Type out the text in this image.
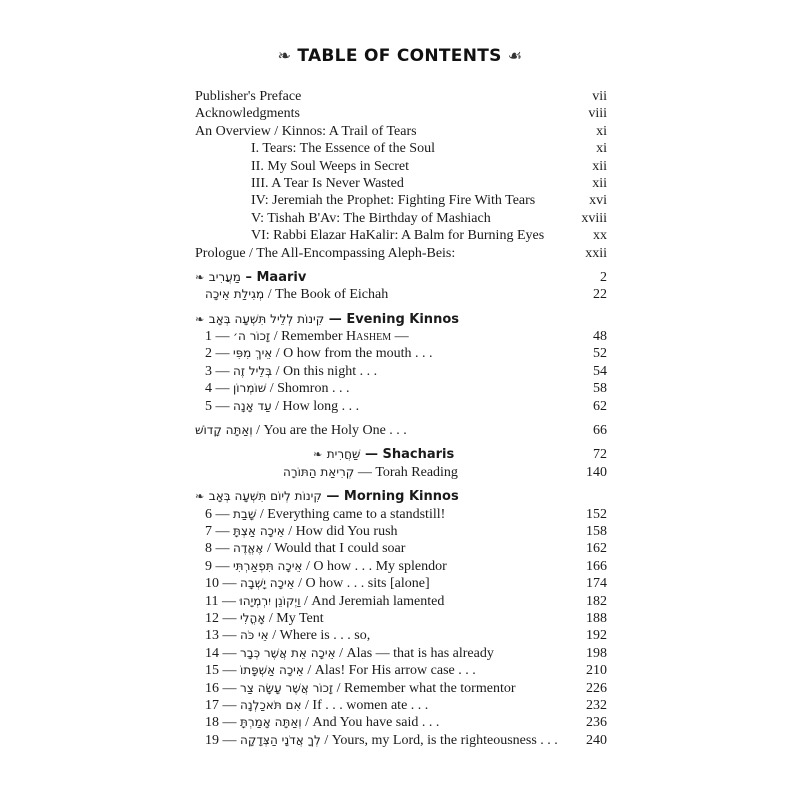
❧ TABLE OF CONTENTS ☙
Publisher's Preface	vii
Acknowledgments	viii
An Overview / Kinnos: A Trail of Tears	xi
I. Tears: The Essence of the Soul	xi
II. My Soul Weeps in Secret	xii
III. A Tear Is Never Wasted	xii
IV: Jeremiah the Prophet: Fighting Fire With Tears	xvi
V: Tishah B'Av: The Birthday of Mashiach	xviii
VI: Rabbi Elazar HaKalir: A Balm for Burning Eyes	xx
Prologue / The All-Encompassing Aleph-Beis:	xxii
❧ מַעֲרִיב – Maariv	2
מְגִילַת אֵיכָה / The Book of Eichah	22
❧ קִינוֹת לְלֵיל תִּשְׁעָה בְּאָב — Evening Kinnos
1 — זָכוֹר ה׳ / Remember Hashem —	48
2 — אֵיךְ מִפִּי / O how from the mouth . . .	52
3 — בְּלֵיל זֶה / On this night . . .	54
4 — שׁוֹמְרוֹן / Shomron . . .	58
5 — עַד אָנָה / How long . . .	62
וְאַתָּה קָדוֹשׁ / You are the Holy One . . .	66
❧ שַׁחֲרִית — Shacharis	72
קְרִיאַת הַתּוֹרָה — Torah Reading	140
❧ קִינוֹת לְיוֹם תִּשְׁעָה בְּאָב — Morning Kinnos
6 — שָׁבַת / Everything came to a standstill!	152
7 — אֵיכָה אַצְתָּ / How did You rush	158
8 — אֶאֱדֶה / Would that I could soar	162
9 — אֵיכָה תִּפְאַרְתִּי / O how . . . My splendor	166
10 — אֵיכָה יָשְׁבָה / O how . . . sits [alone]	174
11 — וַיְקוֹנֵן יִרְמְיָהוּ / And Jeremiah lamented	182
12 — אָהֳלִי / My Tent	188
13 — אֵי כֹּה / Where is . . . so,	192
14 — אֵיכָה אֵת אֲשֶׁר כְּבָר / Alas — that is has already	198
15 — אֵיכָה אַשְׁפָּתוֹ / Alas! For His arrow case . . .	210
16 — זָכוֹר אֲשֶׁר עָשָׂה צַר / Remember what the tormentor	226
17 — אִם תֹּאכַלְנָה / If . . . women ate . . .	232
18 — וְאַתָּה אָמַרְתָּ / And You have said . . .	236
19 — לְךָ אֲדֹנָי הַצְּדָקָה / Yours, my Lord, is the righteousness . . . 240
